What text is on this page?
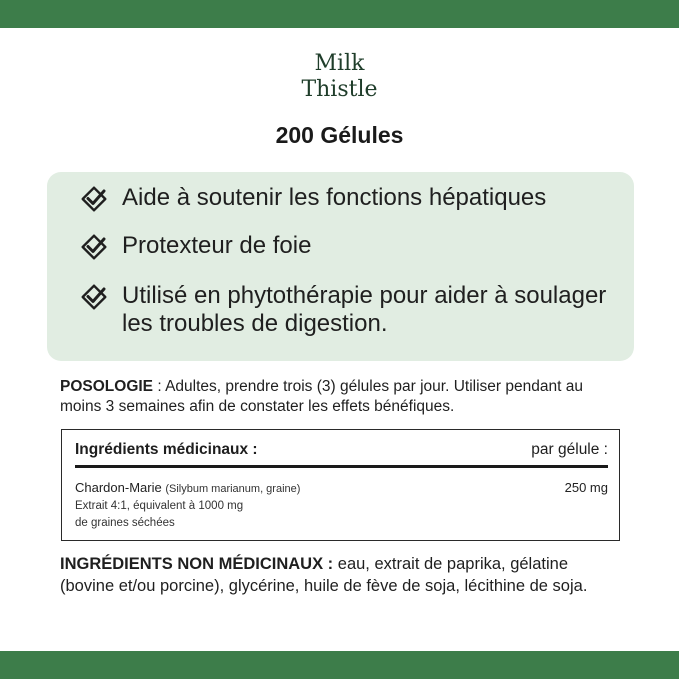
Milk
Thistle
200 Gélules
Aide à soutenir les fonctions hépatiques
Protexteur de foie
Utilisé en phytothérapie pour aider à soulager les troubles de digestion.
POSOLOGIE : Adultes, prendre trois (3) gélules par jour. Utiliser pendant au moins 3 semaines afin de constater les effets bénéfiques.
Ingrédients médicinaux :	par gélule :
Chardon-Marie (Silybum marianum, graine)	250 mg
Extrait 4:1, équivalent à 1000 mg
de graines séchées
INGRÉDIENTS NON MÉDICINAUX : eau, extrait de paprika, gélatine (bovine et/ou porcine), glycérine, huile de fève de soja, lécithine de soja.
